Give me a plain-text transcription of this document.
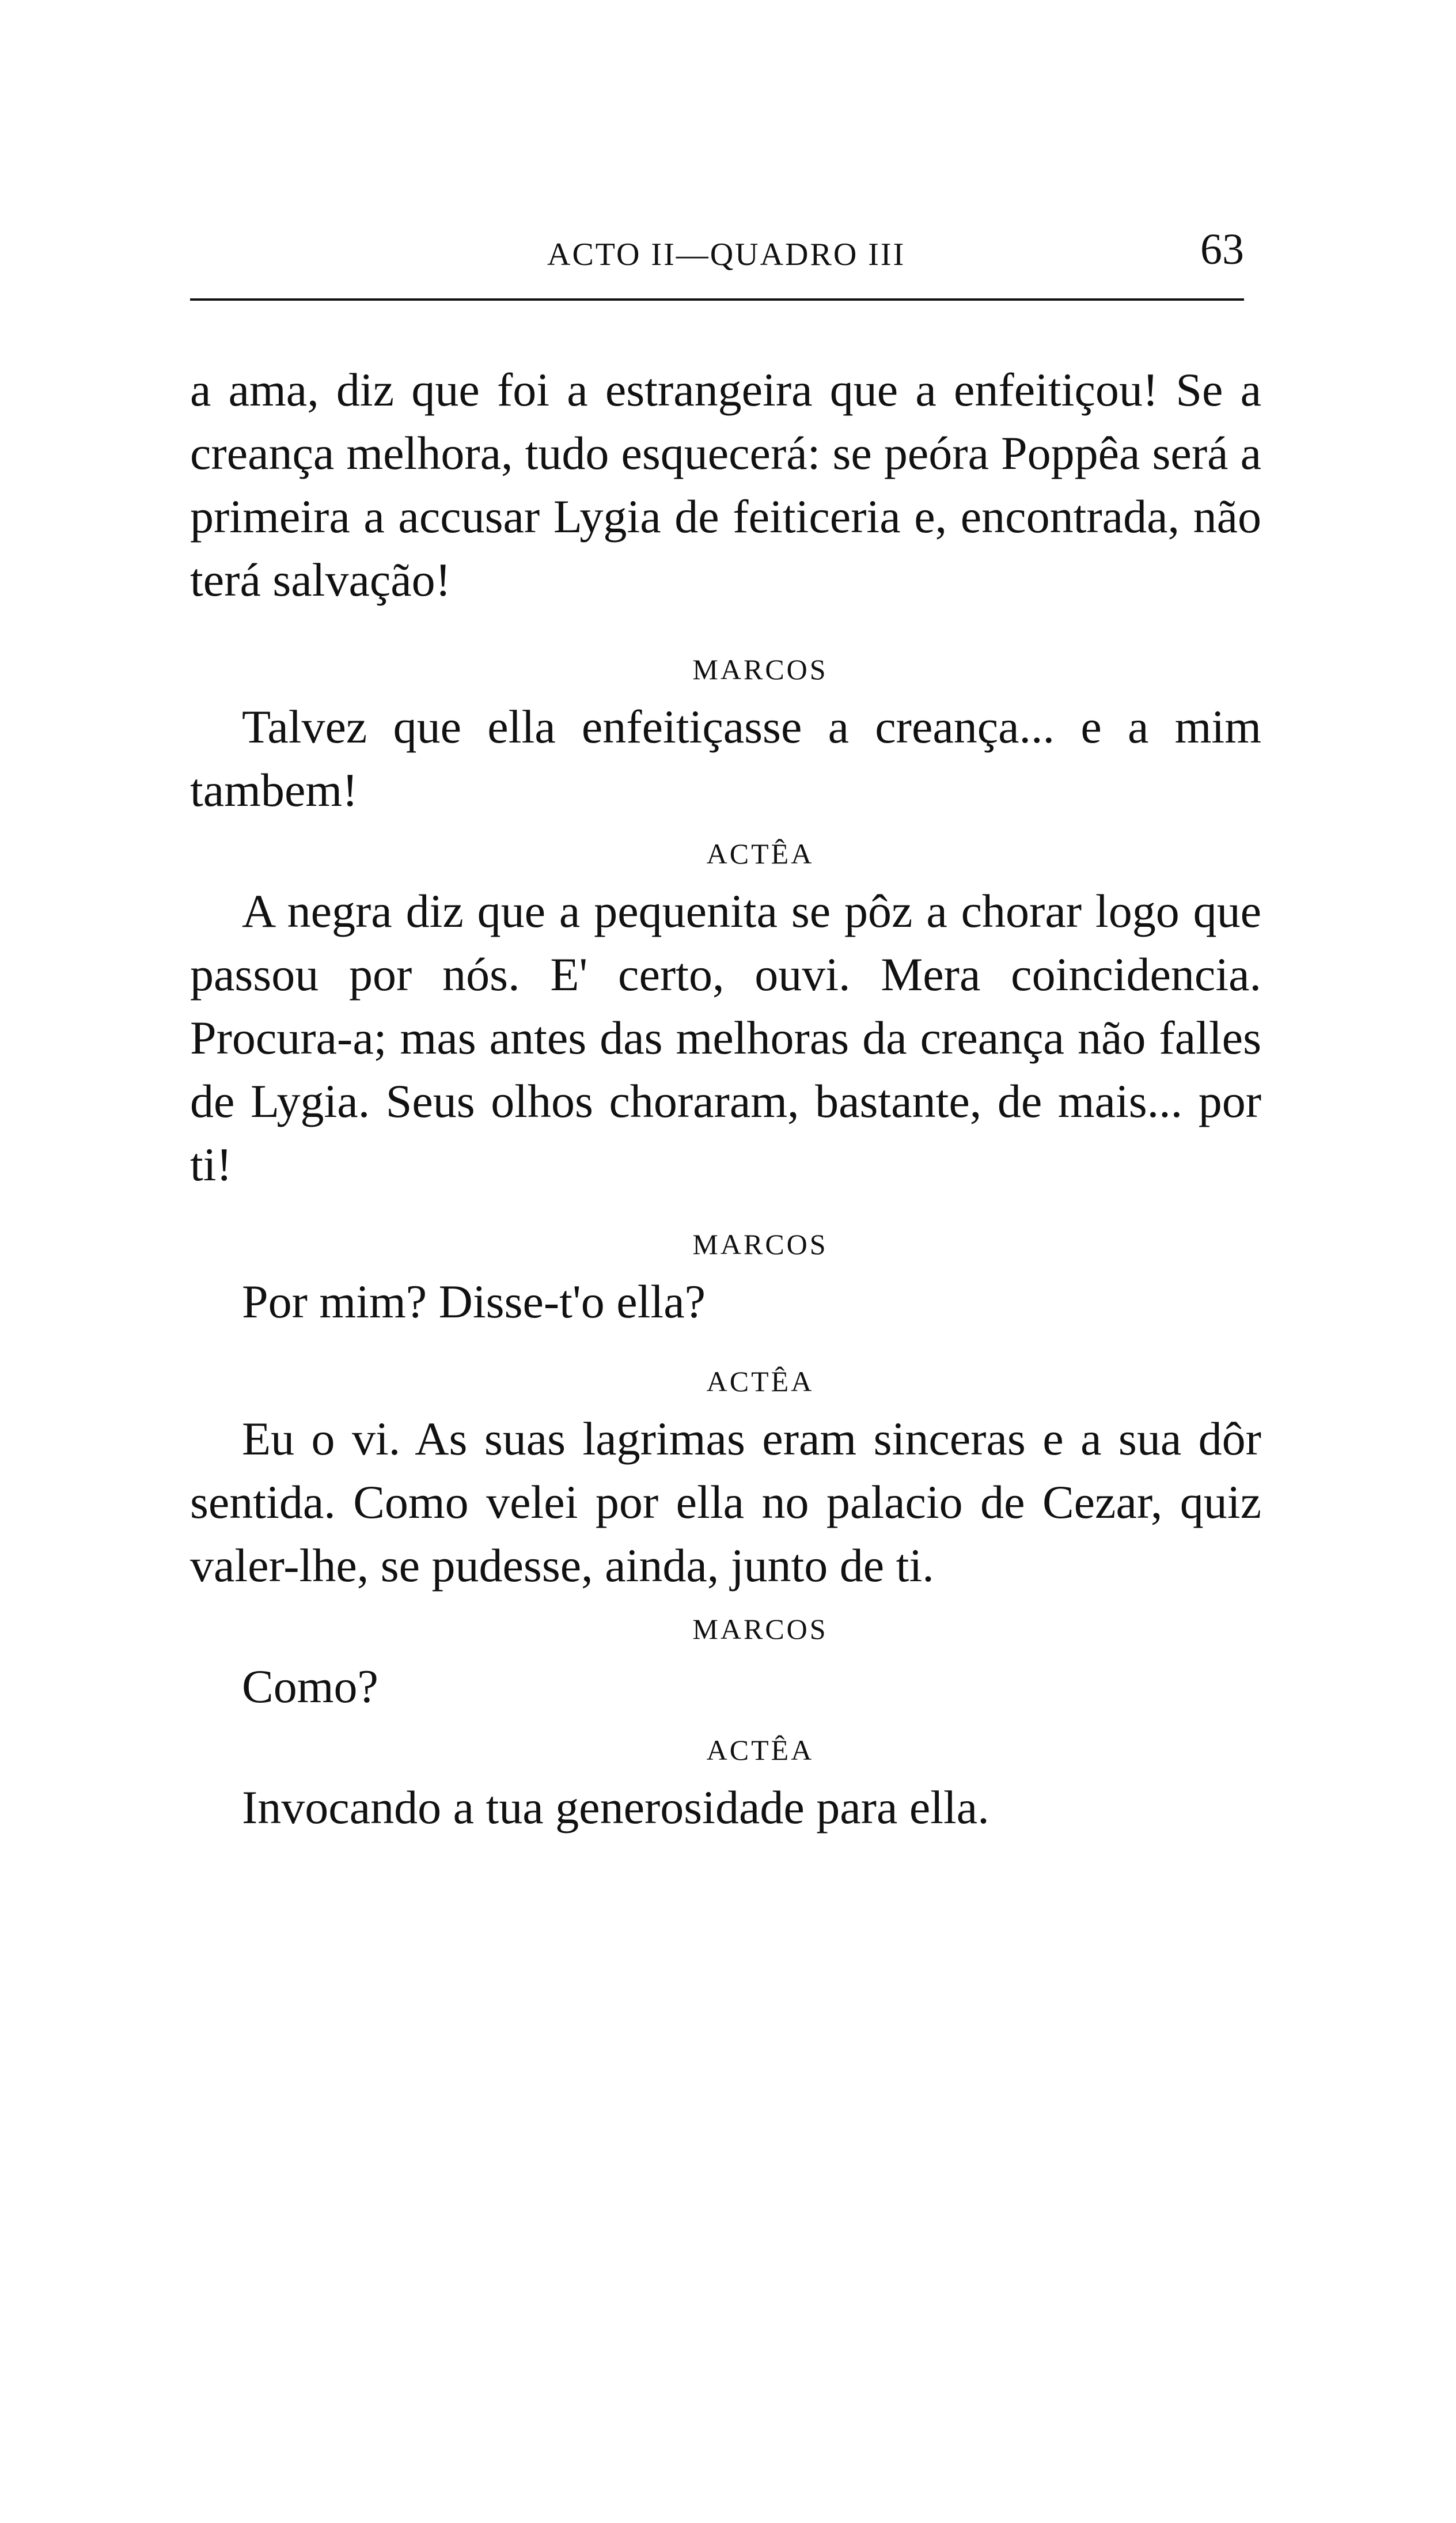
ACTO II—QUADRO III	63

a ama, diz que foi a estrangeira que a enfeitiçou! Se a creança melhora, tudo esquecerá: se peóra Poppêa será a primeira a accusar Lygia de feiticeria e, encontrada, não terá salvação!

MARCOS

Talvez que ella enfeitiçasse a creança... e a mim tambem!

ACTÊA

A negra diz que a pequenita se pôz a chorar logo que passou por nós. E' certo, ouvi. Mera coincidencia. Procura-a; mas antes das melhoras da creança não falles de Lygia. Seus olhos choraram, bastante, de mais... por ti!

MARCOS

Por mim? Disse-t'o ella?

ACTÊA

Eu o vi. As suas lagrimas eram sinceras e a sua dôr sentida. Como velei por ella no palacio de Cezar, quiz valer-lhe, se pudesse, ainda, junto de ti.

MARCOS

Como?

ACTÊA

Invocando a tua generosidade para ella.
